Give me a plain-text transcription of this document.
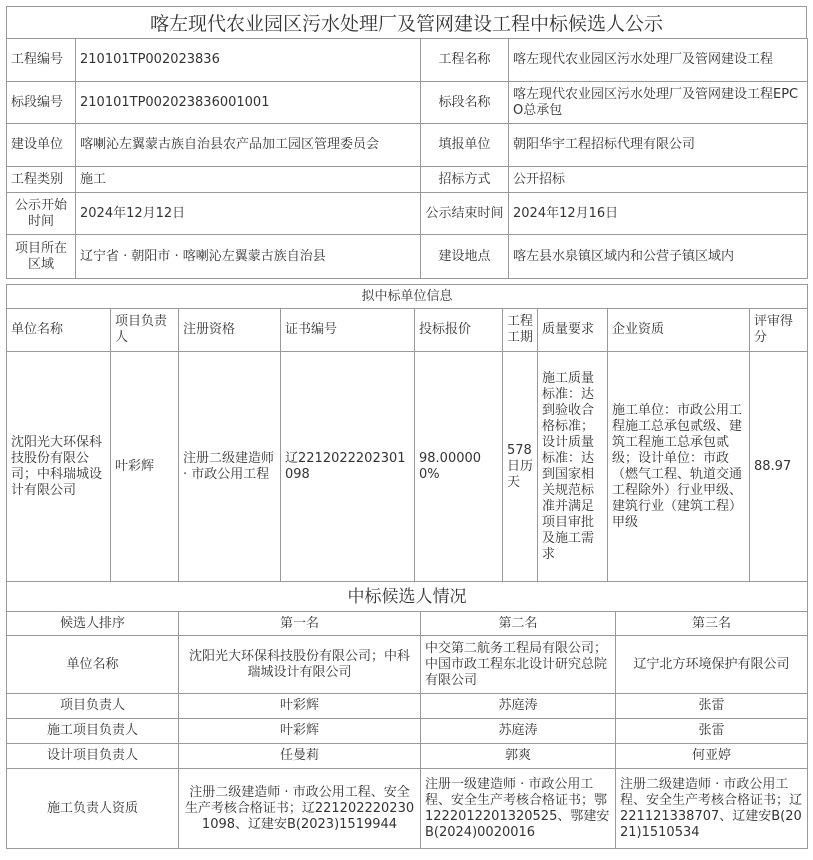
喀左现代农业园区污水处理厂及管网建设工程中标候选人公示
工程编号	210101TP002023836	工程名称	喀左现代农业园区污水处理厂及管网建设工程
标段编号	210101TP002023836001001	标段名称	喀左现代农业园区污水处理厂及管网建设工程EPCO总承包
建设单位	喀喇沁左翼蒙古族自治县农产品加工园区管理委员会	填报单位	朝阳华宇工程招标代理有限公司
工程类别	施工	招标方式	公开招标
公示开始时间	2024年12月12日	公示结束时间	2024年12月16日
项目所在区域	辽宁省 · 朝阳市 · 喀喇沁左翼蒙古族自治县	建设地点	喀左县水泉镇区域内和公营子镇区域内
拟中标单位信息								
单位名称	项目负责人	注册资格	证书编号	投标报价	工程工期	质量要求	企业资质	评审得分
沈阳光大环保科技股份有限公司；中科瑞城设计有限公司	叶彩辉	注册二级建造师 · 市政公用工程	辽2212022202301098	98.000000%	578日历天	施工质量标准：达到验收合格标准；设计质量标准：达到国家相关规范标准并满足项目审批及施工需求	施工单位：市政公用工程施工总承包贰级、建筑工程施工总承包贰级；设计单位：市政（燃气工程、轨道交通工程除外）行业甲级、建筑行业（建筑工程）甲级	88.97
中标候选人情况			
候选人排序	第一名	第二名	第三名
单位名称	沈阳光大环保科技股份有限公司；中科瑞城设计有限公司	中交第二航务工程局有限公司；中国市政工程东北设计研究总院有限公司	辽宁北方环境保护有限公司
项目负责人	叶彩辉	苏庭涛	张雷
施工项目负责人	叶彩辉	苏庭涛	张雷
设计项目负责人	任曼莉	郭爽	何亚婷
施工负责人资质	注册二级建造师 · 市政公用工程、安全生产考核合格证书；辽2212022202301098、辽建安B(2023)1519944	注册一级建造师 · 市政公用工程、安全生产考核合格证书；鄂1222012201320525、鄂建安B(2024)0020016	注册二级建造师 · 市政公用工程、安全生产考核合格证书；辽221121338707、辽建安B(2021)1510534
